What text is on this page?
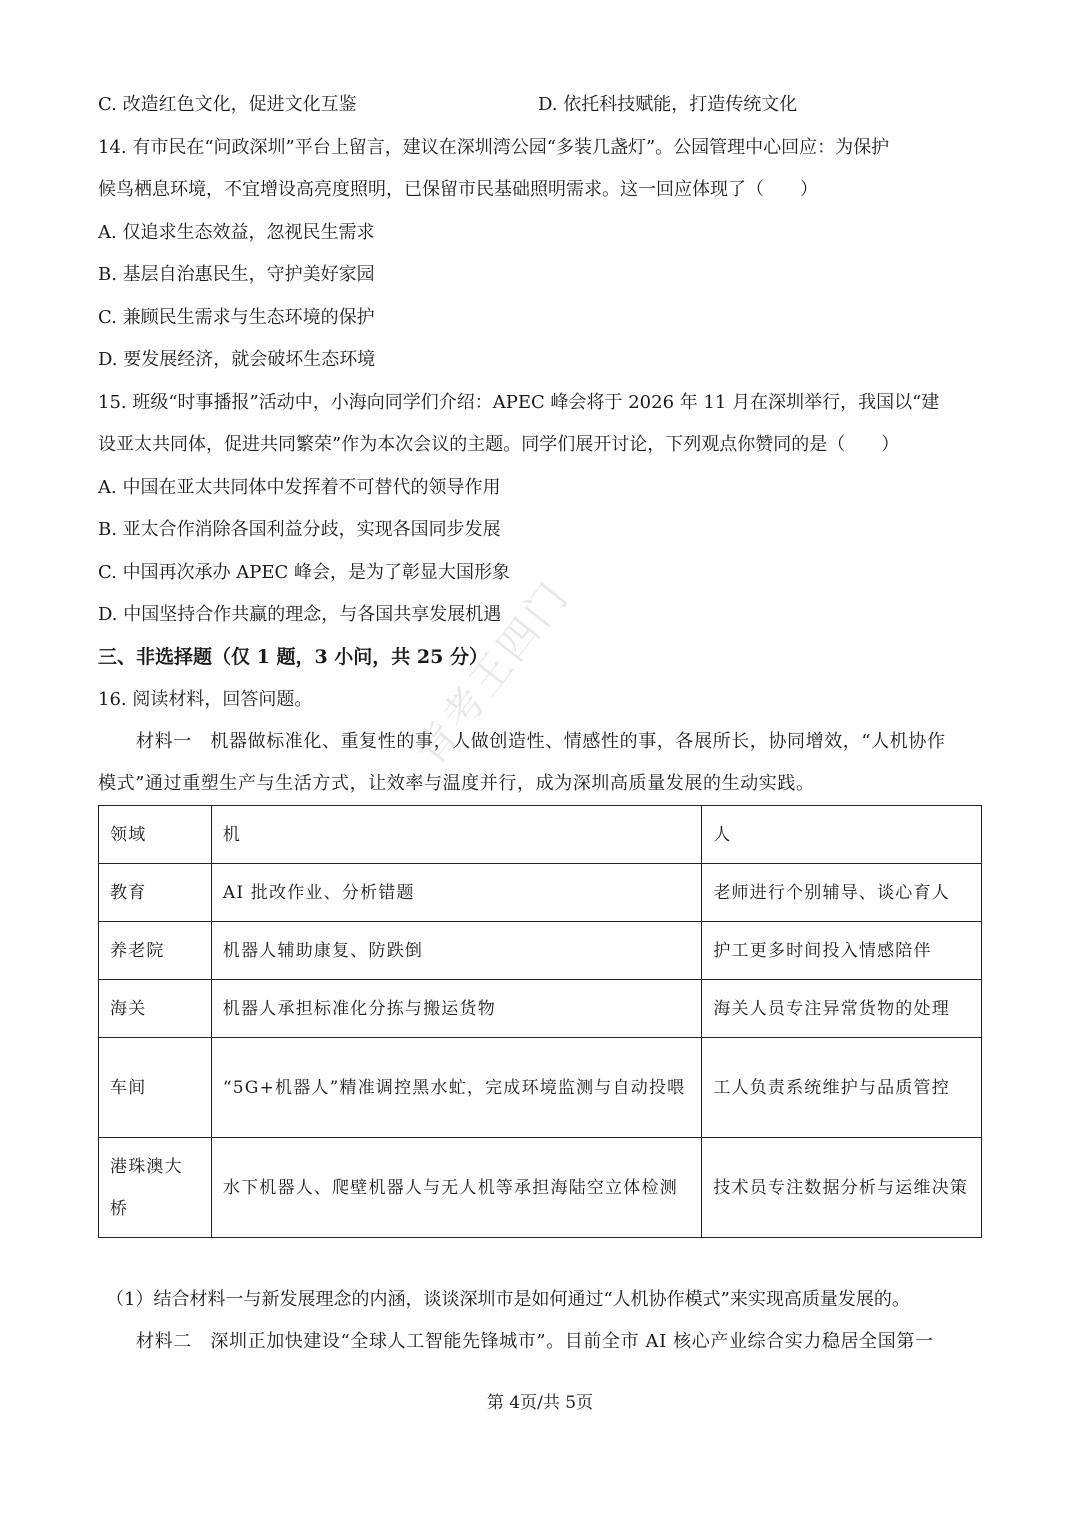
C. 改造红色文化，促进文化互鉴	D. 依托科技赋能，打造传统文化
14. 有市民在“问政深圳”平台上留言，建议在深圳湾公园“多装几盏灯”。公园管理中心回应：为保护
候鸟栖息环境，不宜增设高亮度照明，已保留市民基础照明需求。这一回应体现了（　　）
A. 仅追求生态效益，忽视民生需求
B. 基层自治惠民生，守护美好家园
C. 兼顾民生需求与生态环境的保护
D. 要发展经济，就会破坏生态环境
15. 班级“时事播报”活动中，小海向同学们介绍：APEC 峰会将于 2026 年 11 月在深圳举行，我国以“建
设亚太共同体，促进共同繁荣”作为本次会议的主题。同学们展开讨论，下列观点你赞同的是（　　）
A. 中国在亚太共同体中发挥着不可替代的领导作用
B. 亚太合作消除各国利益分歧，实现各国同步发展
C. 中国再次承办 APEC 峰会，是为了彰显大国形象
D. 中国坚持合作共赢的理念，与各国共享发展机遇
三、非选择题（仅 1 题，3 小问，共 25 分）
16. 阅读材料，回答问题。
材料一　机器做标准化、重复性的事，人做创造性、情感性的事，各展所长，协同增效，“人机协作
模式”通过重塑生产与生活方式，让效率与温度并行，成为深圳高质量发展的生动实践。
领域	机	人
教育	AI 批改作业、分析错题	老师进行个别辅导、谈心育人
养老院	机器人辅助康复、防跌倒	护工更多时间投入情感陪伴
海关	机器人承担标准化分拣与搬运货物	海关人员专注异常货物的处理
车间	“5G+机器人”精准调控黑水虻，完成环境监测与自动投喂	工人负责系统维护与品质管控
港珠澳大桥	水下机器人、爬壁机器人与无人机等承担海陆空立体检测	技术员专注数据分析与运维决策
（1）结合材料一与新发展理念的内涵，谈谈深圳市是如何通过“人机协作模式”来实现高质量发展的。
材料二　深圳正加快建设“全球人工智能先锋城市”。目前全市 AI 核心产业综合实力稳居全国第一
第 4页/共 5页
背考王四门
